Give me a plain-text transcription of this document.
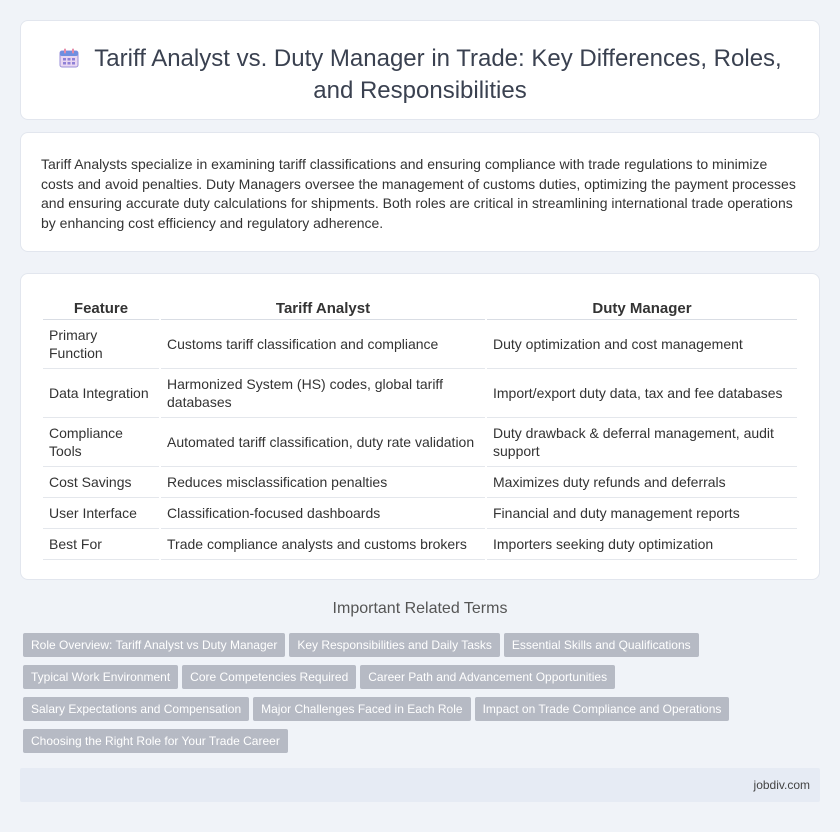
Tariff Analyst vs. Duty Manager in Trade: Key Differences, Roles, and Responsibilities

Tariff Analysts specialize in examining tariff classifications and ensuring compliance with trade regulations to minimize costs and avoid penalties. Duty Managers oversee the management of customs duties, optimizing the payment processes and ensuring accurate duty calculations for shipments. Both roles are critical in streamlining international trade operations by enhancing cost efficiency and regulatory adherence.

Feature	Tariff Analyst	Duty Manager
Primary Function	Customs tariff classification and compliance	Duty optimization and cost management
Data Integration	Harmonized System (HS) codes, global tariff databases	Import/export duty data, tax and fee databases
Compliance Tools	Automated tariff classification, duty rate validation	Duty drawback & deferral management, audit support
Cost Savings	Reduces misclassification penalties	Maximizes duty refunds and deferrals
User Interface	Classification-focused dashboards	Financial and duty management reports
Best For	Trade compliance analysts and customs brokers	Importers seeking duty optimization
Important Related Terms
Role Overview: Tariff Analyst vs Duty Manager Key Responsibilities and Daily Tasks Essential Skills and Qualifications
Typical Work Environment Core Competencies Required Career Path and Advancement Opportunities
Salary Expectations and Compensation Major Challenges Faced in Each Role Impact on Trade Compliance and Operations
Choosing the Right Role for Your Trade Career
jobdiv.com
